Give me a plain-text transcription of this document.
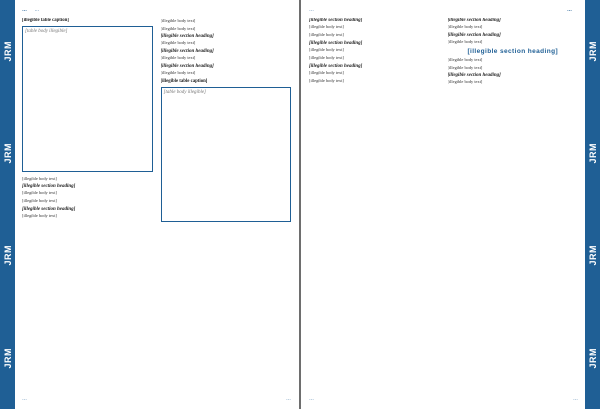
JRM
JRM
JRM
JRM
… …
[illegible table caption]
[table body illegible]

[illegible body text]

[illegible section heading]

[illegible body text]

[illegible body text]

[illegible section heading]

[illegible body text]

[illegible body text]

[illegible body text]

[illegible section heading]

[illegible body text]

[illegible section heading]

[illegible body text]

[illegible section heading]

[illegible body text]

[illegible table caption]
[table body illegible]
…	…
JRM
JRM
JRM
JRM
…	…
[illegible section heading]

[illegible body text]

[illegible body text]

[illegible section heading]

[illegible body text]

[illegible body text]

[illegible section heading]

[illegible body text]

[illegible body text]

[illegible section heading]

[illegible body text]

[illegible section heading]

[illegible body text]

[illegible section heading]

[illegible body text]

[illegible body text]

[illegible section heading]

[illegible body text]

…	…
